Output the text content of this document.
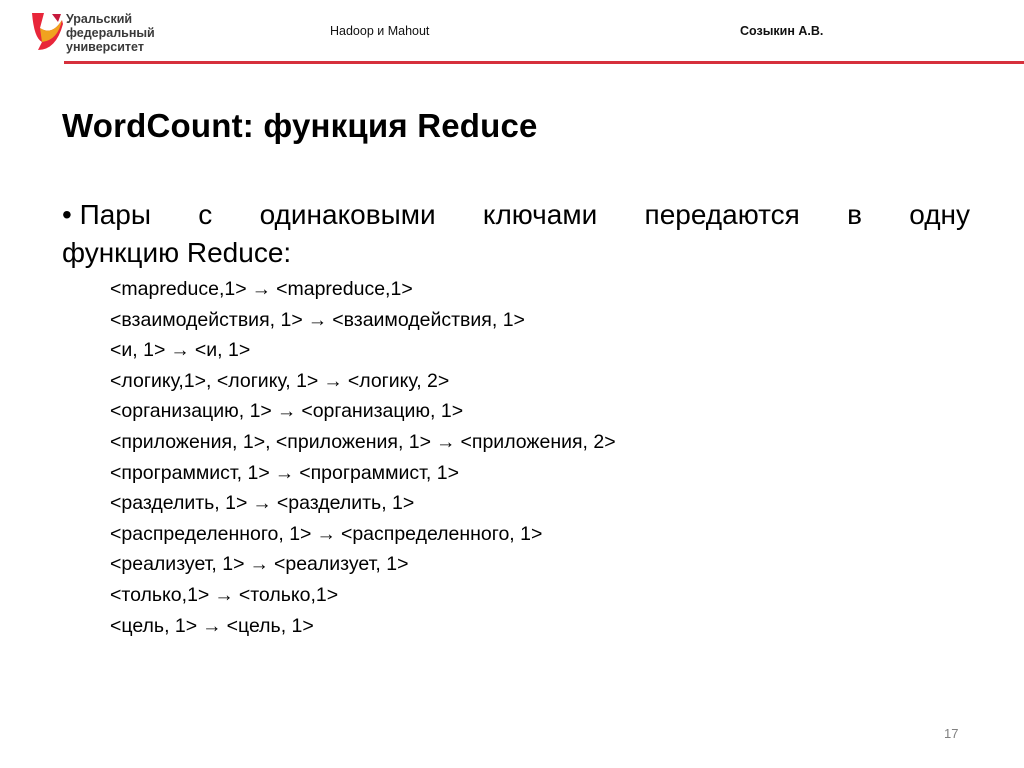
Уральский
федеральный
университет
Hadoop и Mahout	Созыкин А.В.
WordCount: функция Reduce
• Пары с одинаковыми ключами передаются в одну
функцию Reduce:
<mapreduce,1> → <mapreduce,1>
<взаимодействия, 1> → <взаимодействия, 1>
<и, 1> → <и, 1>
<логику,1>, <логику, 1> → <логику, 2>
<организацию, 1> → <организацию, 1>
<приложения, 1>, <приложения, 1> → <приложения, 2>
<программист, 1> → <программист, 1>
<разделить, 1> → <разделить, 1>
<распределенного, 1> → <распределенного, 1>
<реализует, 1> → <реализует, 1>
<только,1> → <только,1>
<цель, 1> → <цель, 1>
17
